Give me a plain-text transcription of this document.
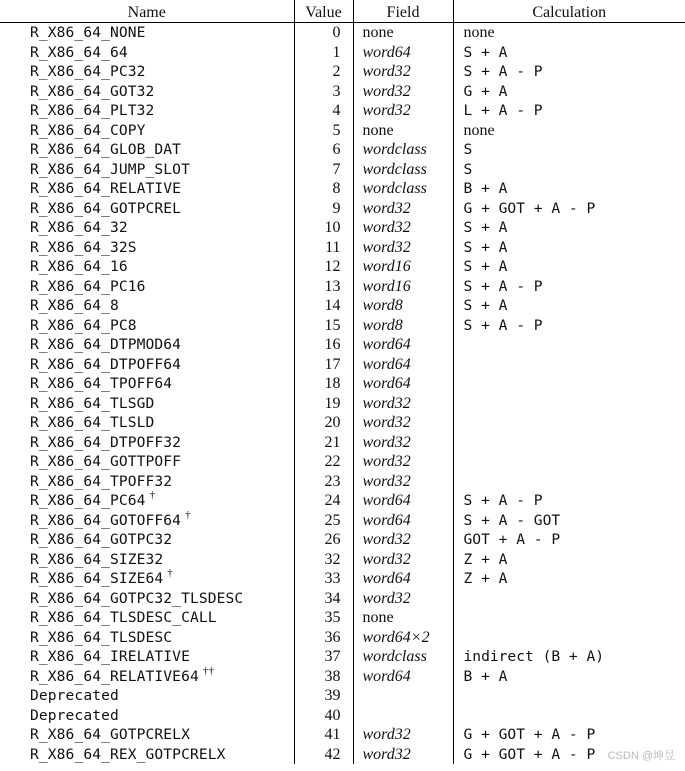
Name	Value	Field	Calculation
R_X86_64_NONE	0	none	none
R_X86_64_64	1	word64	S + A
R_X86_64_PC32	2	word32	S + A - P
R_X86_64_GOT32	3	word32	G + A
R_X86_64_PLT32	4	word32	L + A - P
R_X86_64_COPY	5	none	none
R_X86_64_GLOB_DAT	6	wordclass	S
R_X86_64_JUMP_SLOT	7	wordclass	S
R_X86_64_RELATIVE	8	wordclass	B + A
R_X86_64_GOTPCREL	9	word32	G + GOT + A - P
R_X86_64_32	10	word32	S + A
R_X86_64_32S	11	word32	S + A
R_X86_64_16	12	word16	S + A
R_X86_64_PC16	13	word16	S + A - P
R_X86_64_8	14	word8	S + A
R_X86_64_PC8	15	word8	S + A - P
R_X86_64_DTPMOD64	16	word64	
R_X86_64_DTPOFF64	17	word64	
R_X86_64_TPOFF64	18	word64	
R_X86_64_TLSGD	19	word32	
R_X86_64_TLSLD	20	word32	
R_X86_64_DTPOFF32	21	word32	
R_X86_64_GOTTPOFF	22	word32	
R_X86_64_TPOFF32	23	word32	
R_X86_64_PC64 †	24	word64	S + A - P
R_X86_64_GOTOFF64 †	25	word64	S + A - GOT
R_X86_64_GOTPC32	26	word32	GOT + A - P
R_X86_64_SIZE32	32	word32	Z + A
R_X86_64_SIZE64 †	33	word64	Z + A
R_X86_64_GOTPC32_TLSDESC	34	word32	
R_X86_64_TLSDESC_CALL	35	none	
R_X86_64_TLSDESC	36	word64×2	
R_X86_64_IRELATIVE	37	wordclass	indirect (B + A)
R_X86_64_RELATIVE64 ††	38	word64	B + A
Deprecated	39		
Deprecated	40		
R_X86_64_GOTPCRELX	41	word32	G + GOT + A - P
R_X86_64_REX_GOTPCRELX	42	word32	G + GOT + A - P CSDN @坤昱
